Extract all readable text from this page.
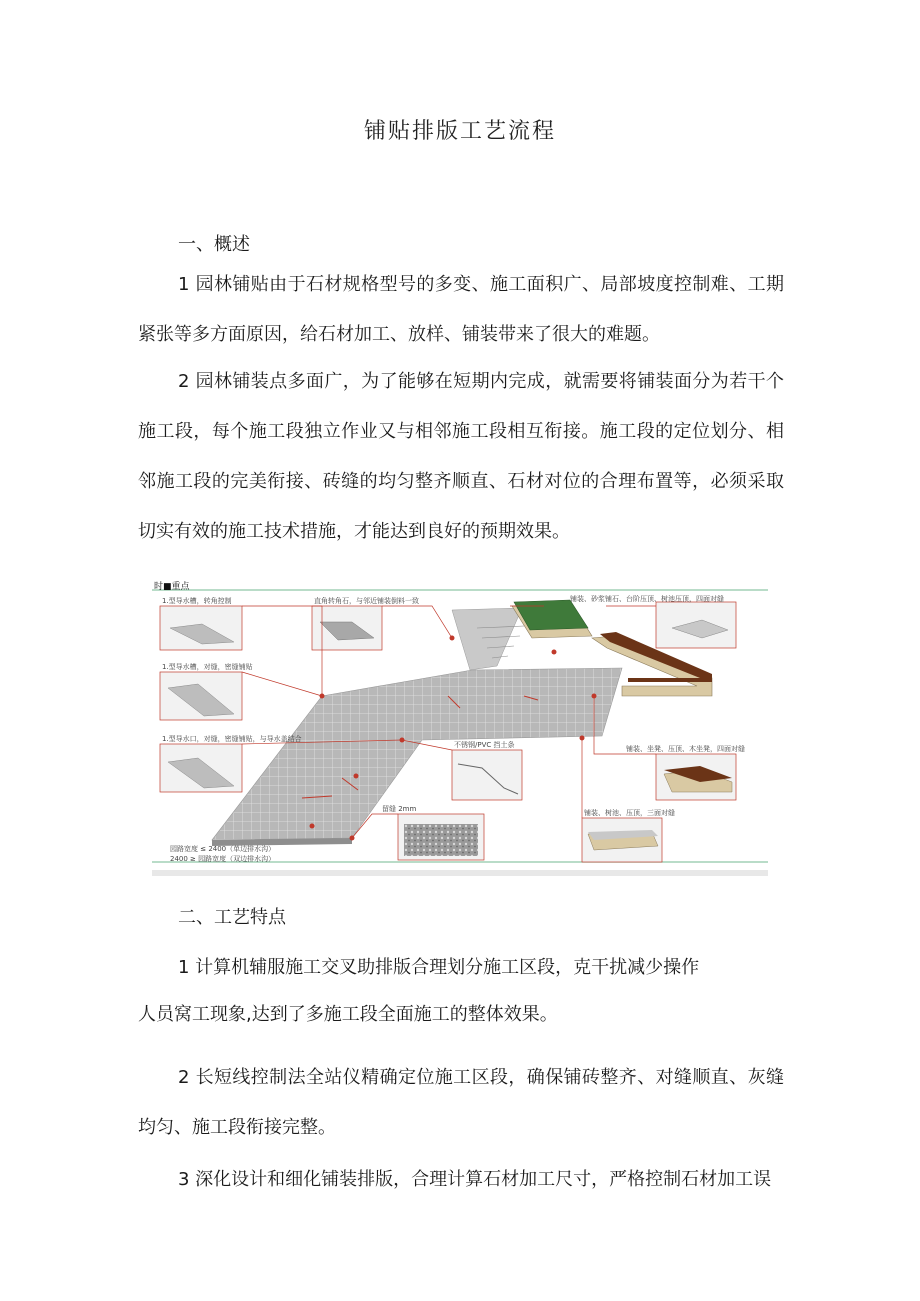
铺贴排版工艺流程
一、概述
1 园林铺贴由于石材规格型号的多变、施工面积广、局部坡度控制难、工期紧张等多方面原因，给石材加工、放样、铺装带来了很大的难题。
2 园林铺装点多面广，为了能够在短期内完成，就需要将铺装面分为若干个施工段，每个施工段独立作业又与相邻施工段相互衔接。施工段的定位划分、相邻施工段的完美衔接、砖缝的均匀整齐顺直、石材对位的合理布置等，必须采取切实有效的施工技术措施，才能达到良好的预期效果。
时■重点
1.型导水槽，转角控制	直角转角石，与邻近铺装倒料一致	铺装、砂浆铺石、台阶压顶、树池压顶，四面对缝
1.型导水槽，对缝，密缝铺贴
1.型导水口，对缝，密缝铺贴，与导水盖结合
不锈钢/PVC 挡土条	铺装、坐凳、压顶、木坐凳，四面对缝
留缝 2mm	铺装、树池、压顶，三面对缝
园路宽度 ≤ 2400（单边排水沟）
2400 ≥ 园路宽度（双边排水沟）
二、工艺特点
1 计算机辅服施工交叉助排版合理划分施工区段，克干扰减少操作
人员窝工现象,达到了多施工段全面施工的整体效果。
2 长短线控制法全站仪精确定位施工区段，确保铺砖整齐、对缝顺直、灰缝均匀、施工段衔接完整。
3 深化设计和细化铺装排版，合理计算石材加工尺寸，严格控制石材加工误
